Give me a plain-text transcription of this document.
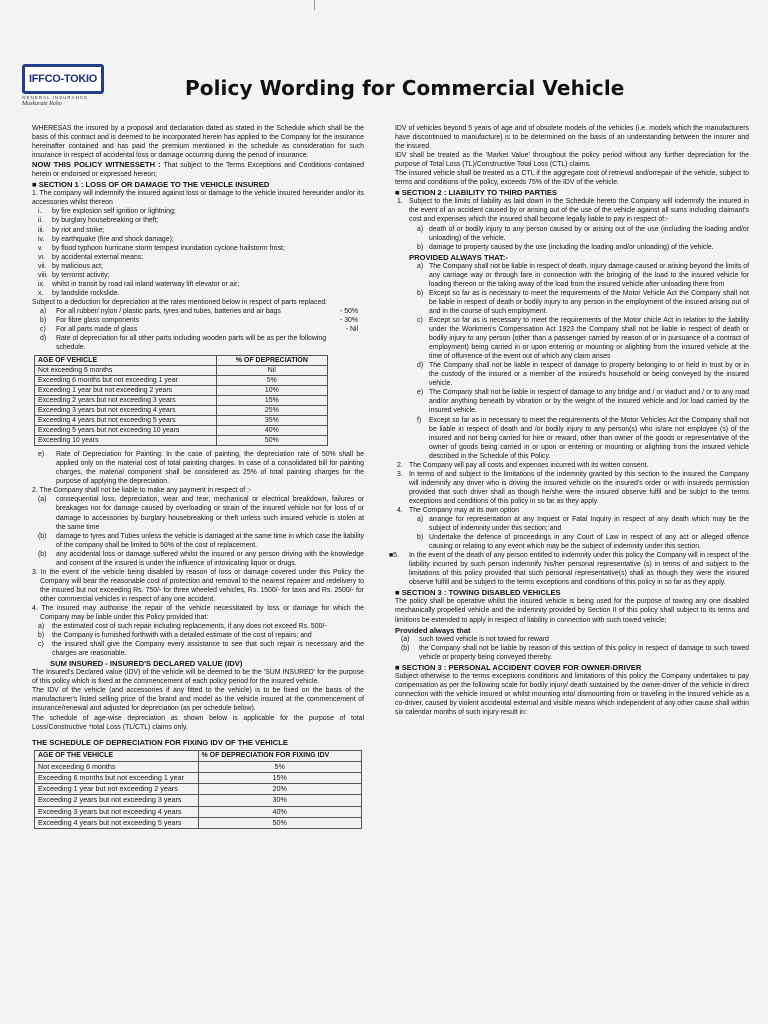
IFFCO-TOKIO
GENERAL INSURANCE
Muskurate Raho
Policy Wording for Commercial Vehicle

WHERESAS the insured by a proposal and declaration dated as stated in the Schedule which shall be the basis of this contract and is deemed to be incorporated herein has applied to the Company for the insurance hereinafter contained and has paid the premium mentioned in the schedule as consideration for such insurance in respect of accidental loss or damage occurring during the period of insurance.

NOW THIS POLICY WITNESSETH : That subject to the Terms Exceptions and Conditions contained herein or endorsed or expressed hereon;

■ SECTION 1 : LOSS OF OR DAMAGE TO THE VEHICLE INSURED

1. The company will indemnify the insured against loss or damage to the vehicle insured hereunder and/or its accessories whilst thereon

i. by fire explosion self ignition or lightning;

ii. by burglary housebreaking or theft;

iii. by riot and strike;

iv. by earthquake (fire and shock damage);

v. by flood typhoon hurricane storm tempest inundation cyclone hailstorm frost;

vi. by accidental external means;

vii. by malicious act;

viii. by terrorist activity;

ix. whilst in transit by road rail inland waterway lift elevator or air;

x. by landslide rockslide.

Subject to a deduction for depreciation at the rates mentioned below in respect of parts replaced:

a) For all rubber/ nylon / plastic parts, tyres and tubes, batteries and air bags	- 50%

b) For fibre glass components	- 30%

c) For all parts made of glass	- Nil

d) Rate of depreciation for all other parts including wooden parts will be as per the following schedule.

AGE OF VEHICLE	% OF DEPRECIATION
Not exceeding 6 months	Nil
Exceeding 6 months but not exceeding 1 year	5%
Exceeding 1 year but not exceeding 2 years	10%
Exceeding 2 years but not exceeding 3 years	15%
Exceeding 3 years but not exceeding 4 years	25%
Exceeding 4 years but not exceeding 5 years	35%
Exceeding 5 years but not exceeding 10 years	40%
Exceeding 10 years	50%

e) Rate of Depreciation for Painting: In the case of painting, the depreciation rate of 50% shall be applied only on the material cost of total painting charges. In case of a consolidated bill for painting charges, the material component shall be considered as 25% of total painting charges for the purpose of applying the depreciation.

2. The Company shall not be liable to make any payment in respect of :-

(a) consequential loss, depreciation, wear and tear, mechanical or electrical breakdown, failures or breakages nor for damage caused by overloading or strain of the insured vehicle nor for loss of or damage to accessories by burglary housebreaking or theft unless such insured vehicle is stolen at the same time

(b) damage to tyres and Tubes unless the vehicle is damaged at the same time in which case the liability of the company shall be limited to 50% of the cost of replacement.

(b) any accidental loss or damage suffered whilst the insured or any person driving with the knowledge and consent of the insured is under the influence of intoxicating liquor or drugs.

3. In the event of the vehicle being disabled by reason of loss or damage covered under this Policy the Company will bear the reasonable cost of protection and removal to the nearest repairer and redelivery to the insured but not exceeding Rs. 750/- for three wheeled vehicles, Rs. 1500/- for taxis and Rs. 2500/- for other commercial vehicles in respect of any one accident.

4. The insured may authorise the repair of the vehicle necessitated by loss or damage for which the Company may be liable under this Policy provided that:

a) the estimated cost of such repair including replacements, if any does not exceed Rs. 500/-

b) the Company is furnished forthwith with a detailed estimate of the cost of repairs; and

c) the insured shall give the Company every assistance to see that such repair is necessary and the charges are reasonable.

SUM INSURED - INSURED'S DECLARED VALUE (IDV)

The Insured's Declared value (IDV) of the vehicle will be deemed to be the 'SUM INSURED' for the purpose of this policy which is fixed at the commencement of each policy period for the insured vehicle.

The IDV of the vehicle (and accessories if any fitted to the vehicle) is to be fixed on the basis of the manufacturer's listed selling price of the brand and model as the vehicle insured at the commencement of insurance/renewal and adjusted for depreciation (as per schedule below).

The schedule of age-wise depreciation as shown below is applicable for the purpose of total Loss/Constructive *total Loss (TL/CTL) claims only.

THE SCHEDULE OF DEPRECIATION FOR FIXING IDV OF THE VEHICLE

AGE OF THE VEHICLE	% OF DEPRECIATION FOR FIXING IDV
Not exceeding 6 months	5%
Exceeding 6 months but not exceeding 1 year	15%
Exceeding 1 year but not exceeding 2 years	20%
Exceeding 2 years but not exceeding 3 years	30%
Exceeding 3 years but not exceeding 4 years	40%
Exceeding 4 years but not exceeding 5 years	50%

IDV of vehicles beyond 5 years of age and of obsolete models of the vehicles (i.e. models which the manufacturers have discontinued to manufacture) is to be determined on the basis of an understanding between the insurer and the insured.

IDV shall be treated as the 'Market Value' throughout the policy period without any further depreciation for the purpose of Total Loss (TL)/Constructive Total Loss (CTL) claims.

The insured vehicle shall be treated as a CTL if the aggregate cost of retrieval and/orrepair of the vehicle, subject to terms and conditions of the policy, exceeds 75% of the IDV of the vehicle.

■ SECTION 2 : LIABILITY TO THIRD PARTIES

1. Subject to the limits of liability as laid down in the Schedule hereto the Company will indemnify the insured in the event of an accident caused by or arising out of the use of the vehicle against all sums including claimant's cost and expenses which the insured shall become legally liable to pay in respect of:-

a) death of or bodily injury to any person caused by or arising out of the use (including the loading and/or unloading) of the vehicle.

b) damage to property caused by the use (including the loading and/or unloading) of the vehicle.

PROVIDED ALWAYS THAT:-

a) The Company shall not be liable in respect of death, injury damage caused or arising beyond the limits of any carriage way or through fare in connection with the bringing of the load to the insured vehicle for loading thereon or the taking away of the load from the insured vehicle after unloading there from

b) Except so far as is necessary to meet the requirements of the Motor Vehicle Act the Company shall not be liable in respect of death or bodily injury to any person in the employment of the insured arising out of and in the course of such employment.

c) Except so far as is necessary to meet the requirements of the Motor chicle Act in relation to the liability under the Workmen's Compensation Act 1923 the Company shall not be liable in respect of death or bodily injury to any person (other than a passenger carried by reason of or in pursuance of a contract of employment) being carried in or upon entering or mounting or alighting from the insured vehicle at the time of offurrence of the event out of which any claim arises

d) The Company shall not be liable in respect of damage to property belonging to or held in trust by or in the custody of the insured or a member of the insured's household or being conveyed by the insured vehicle.

e) The Company shall not be liable in respect of damage to any bridge and / or viaduct and / or to any road and/or anything beneath by vibration or by the weight of the insured vehicle and /or load carried by the insured vehicle.

f) Except so far as in necessary to meet the requirements of the Motor Vehicles Act the Company shall not be liable in respect of death and /or bodily injury to any person(s) who is/are not employee (s) of the insured and not being carried for hire or reward, other than owner of the goods or representative of the owner of goods being carried in or upon or entering or mounting or alighting from the insured vehicle described in the Schedule of this Policy.

2. The Company will pay all costs and expenses incurred with its written consent.

3. In terms of and subject to the limitations of the indemnity granted by this section to the insured the Company will indemnify any driver who is driving the insured vehicle on the insured's order or with insureds permission provided that such driver shall as though he/she were the insured observe fulfil and be subjct to the terms exceptions and conditions of this policy in so far as they apply.

4. The Company may at its own option

a) arrange for representation at any Inquest or Fatal Inquiry in respect of any death which may be the subject of indemnity under this section; and

b) Undertake the defence of proceedings in any Court of Law in respect of any act or alleged offence causing or relating to any event which may be the subject of indemnity under this section.

■5. In the event of the death of any person entitled to indemnity under this policy the Company will in respect of the liability incurred by such person indemnify his/her personal representative (s) in terms of and subject to the limitations of this policy provided that such personal representative(s) shall as though they were the insured observe fulfill and be subject to the terms exceptions and conditions of this policy in so far as they apply.

■ SECTION 3 : TOWING DISABLED VEHICLES

The policy shall be operative whilst the insured vehicle is being used for the purpose of towing any one disabled mechanically propelled vehicle and the indemnity provided by Section II of this policy shall subject to its terms and limitions be extended to apply in respect of liability in connection with such towed vehicle;

Provided always that

(a) such towed vehicle is not towed for reward

(b) the Company shall not be liable by reason of this section of this policy in respect of damage to such towed vehicle or property being conveyed thereby.

■ SECTION 3 : PERSONAL ACCIDENT COVER FOR OWNER-DRIVER

Subject otherwise to the terms exceptions conditions and limitations of this policy the Company undertakes to pay compensation as per the following scale for bodily injury/ death sustained by the owner-driver of the vehicle in direct connection with the vehicle insured or whilst mounting into/ dismounting from or traveling in the insured vehicle as a co-driver, caused by violent accidental external and visible means which independent of any other cause shall within six calendar months of such injury result in:
